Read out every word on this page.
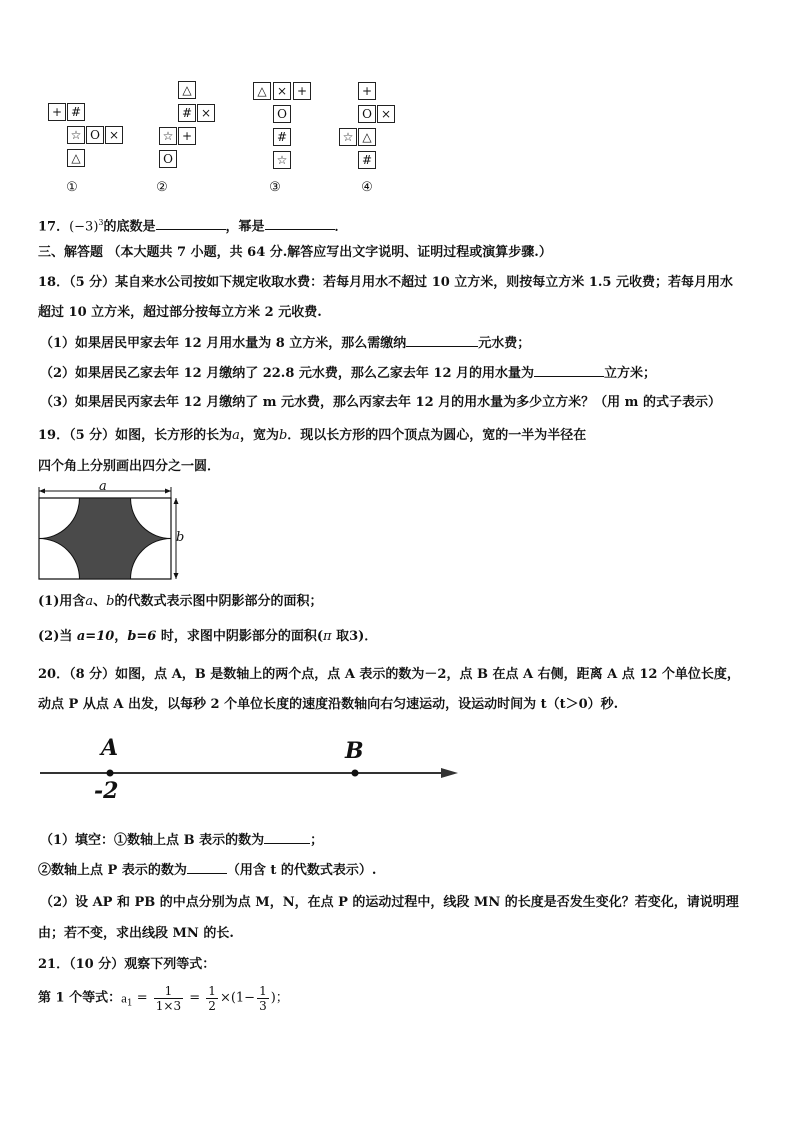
+ #
☆ O ×
△
①
△
# ×
☆ +
O
②
△ × +
O
#
☆
③
+
O ×
☆ △
#
④
17．$(-3)^3$的底数是	，幂是	．
三、解答题 （本大题共 7 小题，共 64 分.解答应写出文字说明、证明过程或演算步骤.）
18．（5 分）某自来水公司按如下规定收取水费：若每月用水不超过 10 立方米，则按每立方米 1.5 元收费；若每月用水
超过 10 立方米，超过部分按每立方米 2 元收费.
（1）如果居民甲家去年 12 月用水量为 8 立方米，那么需缴纳	元水费；
（2）如果居民乙家去年 12 月缴纳了 22.8 元水费，那么乙家去年 12 月的用水量为	立方米；
（3）如果居民丙家去年 12 月缴纳了 m 元水费，那么丙家去年 12 月的用水量为多少立方米？（用 m 的式子表示）
19．（5 分）如图，长方形的长为a，宽为b．现以长方形的四个顶点为圆心，宽的一半为半径在
四个角上分别画出四分之一圆．
a
b
(1)用含a、b的代数式表示图中阴影部分的面积；
(2)当 a=10，b=6 时，求图中阴影部分的面积(π 取3)．
20．（8 分）如图，点 A，B 是数轴上的两个点，点 A 表示的数为－2，点 B 在点 A 右侧，距离 A 点 12 个单位长度，
动点 P 从点 A 出发，以每秒 2 个单位长度的速度沿数轴向右匀速运动，设运动时间为 t（t＞0）秒.
A	B
-2
（1）填空：①数轴上点 B 表示的数为	；
②数轴上点 P 表示的数为	（用含 t 的代数式表示）.
（2）设 AP 和 PB 的中点分别为点 M，N，在点 P 的运动过程中，线段 MN 的长度是否发生变化？若变化，请说明理
由；若不变，求出线段 MN 的长.
21．（10 分）观察下列等式：
第 1 个等式：$a_1 = \frac{1}{1\times 3} = \frac{1}{2} \times(1- \frac{1}{3}$ )；
